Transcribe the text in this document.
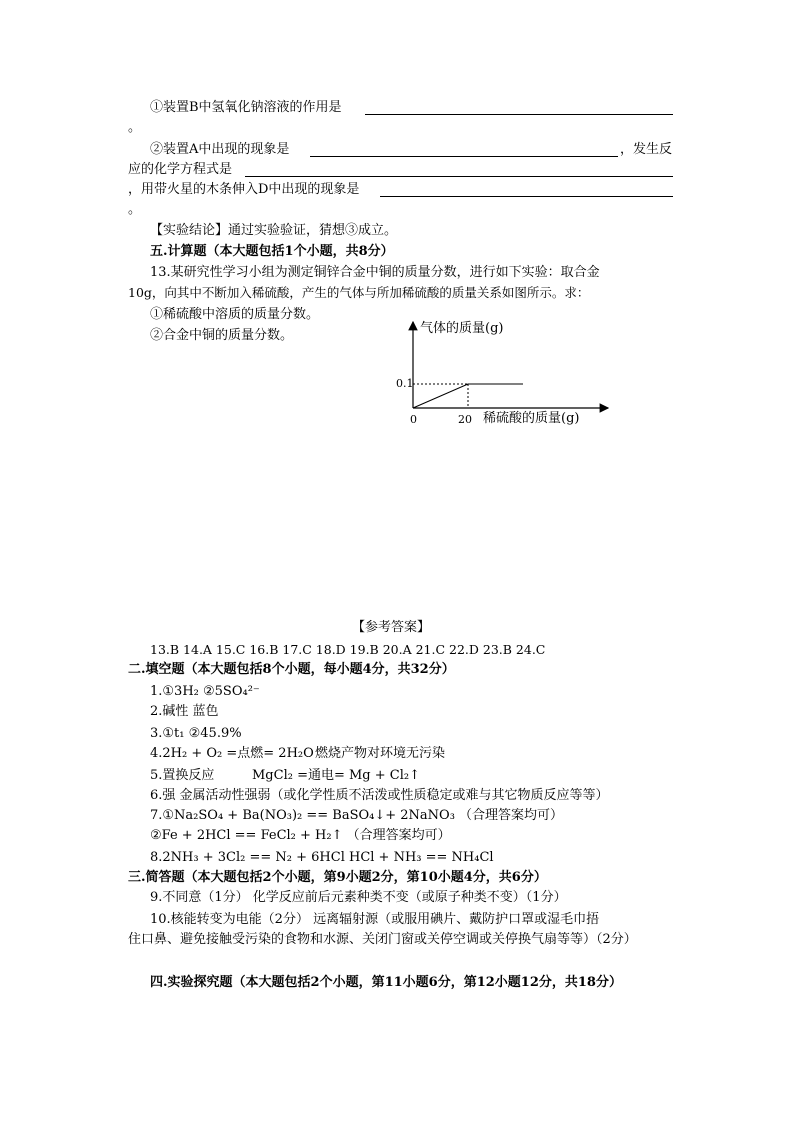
①装置B中氢氧化钠溶液的作用是
。
②装置A中出现的现象是	，发生反
应的化学方程式是
，用带火星的木条伸入D中出现的现象是
。
【实验结论】通过实验验证，猜想③成立。
五.计算题（本大题包括1个小题，共8分）
13.某研究性学习小组为测定铜锌合金中铜的质量分数，进行如下实验：取合金
10g，向其中不断加入稀硫酸，产生的气体与所加稀硫酸的质量关系如图所示。求：
①稀硫酸中溶质的质量分数。
②合金中铜的质量分数。	气体的质量(g)
稀硫酸的质量(g)
0	20
0.1
【参考答案】
13.B 14.A 15.C 16.B 17.C 18.D 19.B 20.A 21.C 22.D 23.B 24.C
二.填空题（本大题包括8个小题，每小题4分，共32分）
1.①3H₂ ②5SO₄²⁻
2.碱性 蓝色
3.①t₁ ②45.9%
4.2H₂ + O₂ =点燃= 2H₂O 燃烧产物对环境无污染
5.置换反应	MgCl₂ =通电= Mg + Cl₂↑
6.强 金属活动性强弱（或化学性质不活泼或性质稳定或难与其它物质反应等等）
7.①Na₂SO₄ + Ba(NO₃)₂ == BaSO₄↓+ 2NaNO₃ （合理答案均可）
②Fe + 2HCl == FeCl₂ + H₂↑ （合理答案均可）
8.2NH₃ + 3Cl₂ == N₂ + 6HCl HCl + NH₃ == NH₄Cl
三.简答题（本大题包括2个小题，第9小题2分，第10小题4分，共6分）
9.不同意（1分） 化学反应前后元素种类不变（或原子种类不变）（1分）
10.核能转变为电能（2分） 远离辐射源（或服用碘片、戴防护口罩或湿毛巾捂
住口鼻、避免接触受污染的食物和水源、关闭门窗或关停空调或关停换气扇等等）（2分）
四.实验探究题（本大题包括2个小题，第11小题6分，第12小题12分，共18分）
